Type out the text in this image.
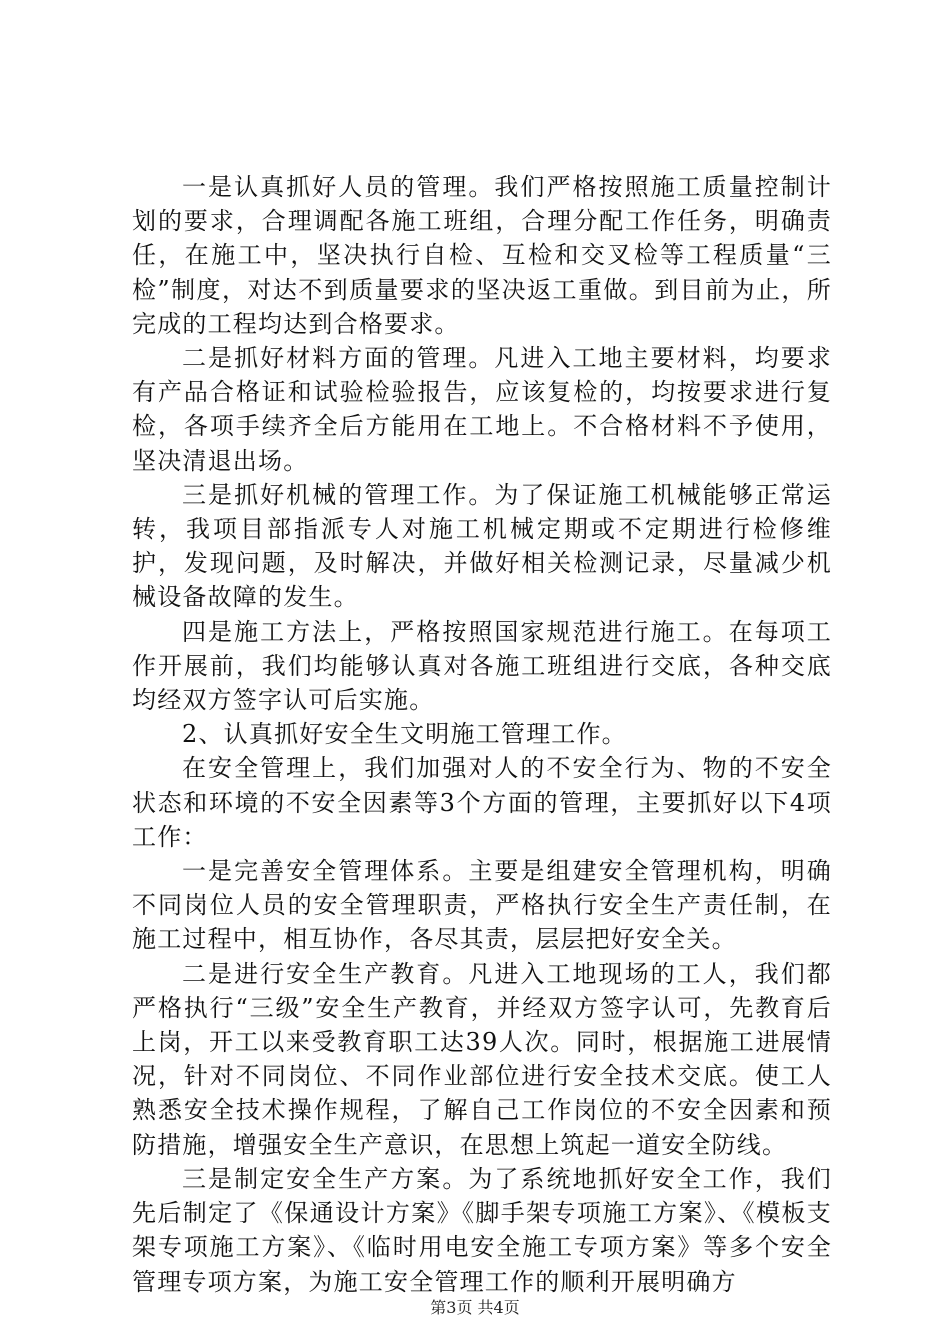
一是认真抓好人员的管理。我们严格按照施工质量控制计划的要求，合理调配各施工班组，合理分配工作任务，明确责任，在施工中，坚决执行自检、互检和交叉检等工程质量“三检”制度，对达不到质量要求的坚决返工重做。到目前为止，所完成的工程均达到合格要求。

二是抓好材料方面的管理。凡进入工地主要材料，均要求有产品合格证和试验检验报告，应该复检的，均按要求进行复检，各项手续齐全后方能用在工地上。不合格材料不予使用，坚决清退出场。

三是抓好机械的管理工作。为了保证施工机械能够正常运转，我项目部指派专人对施工机械定期或不定期进行检修维护，发现问题，及时解决，并做好相关检测记录，尽量减少机械设备故障的发生。

四是施工方法上，严格按照国家规范进行施工。在每项工作开展前，我们均能够认真对各施工班组进行交底，各种交底均经双方签字认可后实施。

2、认真抓好安全生文明施工管理工作。

在安全管理上，我们加强对人的不安全行为、物的不安全状态和环境的不安全因素等3个方面的管理，主要抓好以下4项工作：

一是完善安全管理体系。主要是组建安全管理机构，明确不同岗位人员的安全管理职责，严格执行安全生产责任制，在施工过程中，相互协作，各尽其责，层层把好安全关。

二是进行安全生产教育。凡进入工地现场的工人，我们都严格执行“三级”安全生产教育，并经双方签字认可，先教育后上岗，开工以来受教育职工达39人次。同时，根据施工进展情况，针对不同岗位、不同作业部位进行安全技术交底。使工人熟悉安全技术操作规程，了解自己工作岗位的不安全因素和预防措施，增强安全生产意识，在思想上筑起一道安全防线。

三是制定安全生产方案。为了系统地抓好安全工作，我们先后制定了《保通设计方案》《脚手架专项施工方案》、《模板支架专项施工方案》、《临时用电安全施工专项方案》等多个安全管理专项方案，为施工安全管理工作的顺利开展明确方

第3页 共4页
